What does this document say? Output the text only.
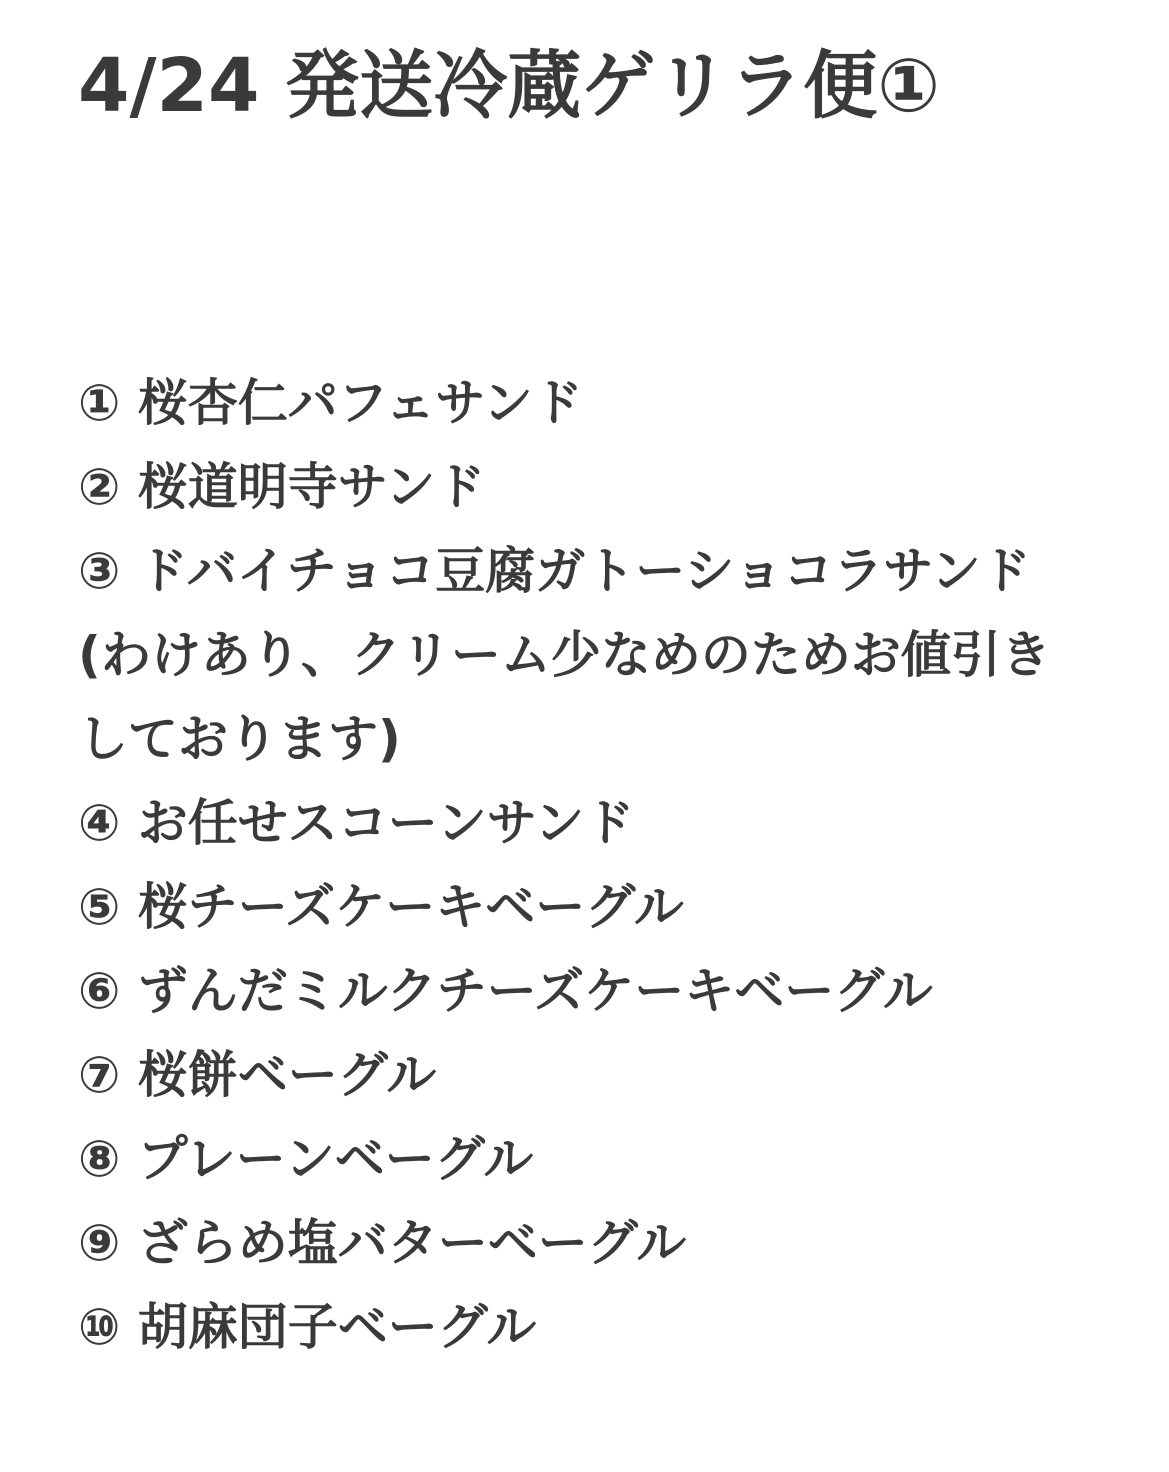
4/24 発送冷蔵ゲリラ便①
① 桜杏仁パフェサンド
② 桜道明寺サンド
③ ドバイチョコ豆腐ガトーショコラサンド (わけあり、クリーム少なめのためお値引きしております)
④ お任せスコーンサンド
⑤ 桜チーズケーキベーグル
⑥ ずんだミルクチーズケーキベーグル
⑦ 桜餅ベーグル
⑧ プレーンベーグル
⑨ ざらめ塩バターベーグル
⑩ 胡麻団子ベーグル
